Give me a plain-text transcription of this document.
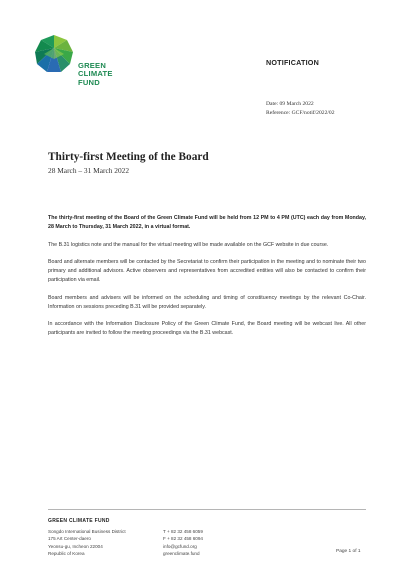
GREEN
CLIMATE
FUND
NOTIFICATION
Date: 09 March 2022
Reference: GCF/notif/2022/02
Thirty-first Meeting of the Board
28 March – 31 March 2022

The thirty-first meeting of the Board of the Green Climate Fund will be held from 12 PM to 4 PM (UTC) each day from Monday, 28 March to Thursday, 31 March 2022, in a virtual format.

The B.31 logistics note and the manual for the virtual meeting will be made available on the GCF website in due course.

Board and alternate members will be contacted by the Secretariat to confirm their participation in the meeting and to nominate their two primary and additional advisors. Active observers and representatives from accredited entities will also be contacted to confirm their participation via email.

Board members and advisers will be informed on the scheduling and timing of constituency meetings by the relevant Co-Chair. Information on sessions preceding B.31 will be provided separately.

In accordance with the Information Disclosure Policy of the Green Climate Fund, the Board meeting will be webcast live. All other participants are invited to follow the meeting proceedings via the B.31 webcast.

GREEN CLIMATE FUND
Songdo International Business District
175 Art Center-daero
Yeonsu-gu, Incheon 22004
Republic of Korea
T + 82 32 458 6059
F + 82 32 458 6094
info@gcfund.org
greenclimate.fund	Page 1 of 1
